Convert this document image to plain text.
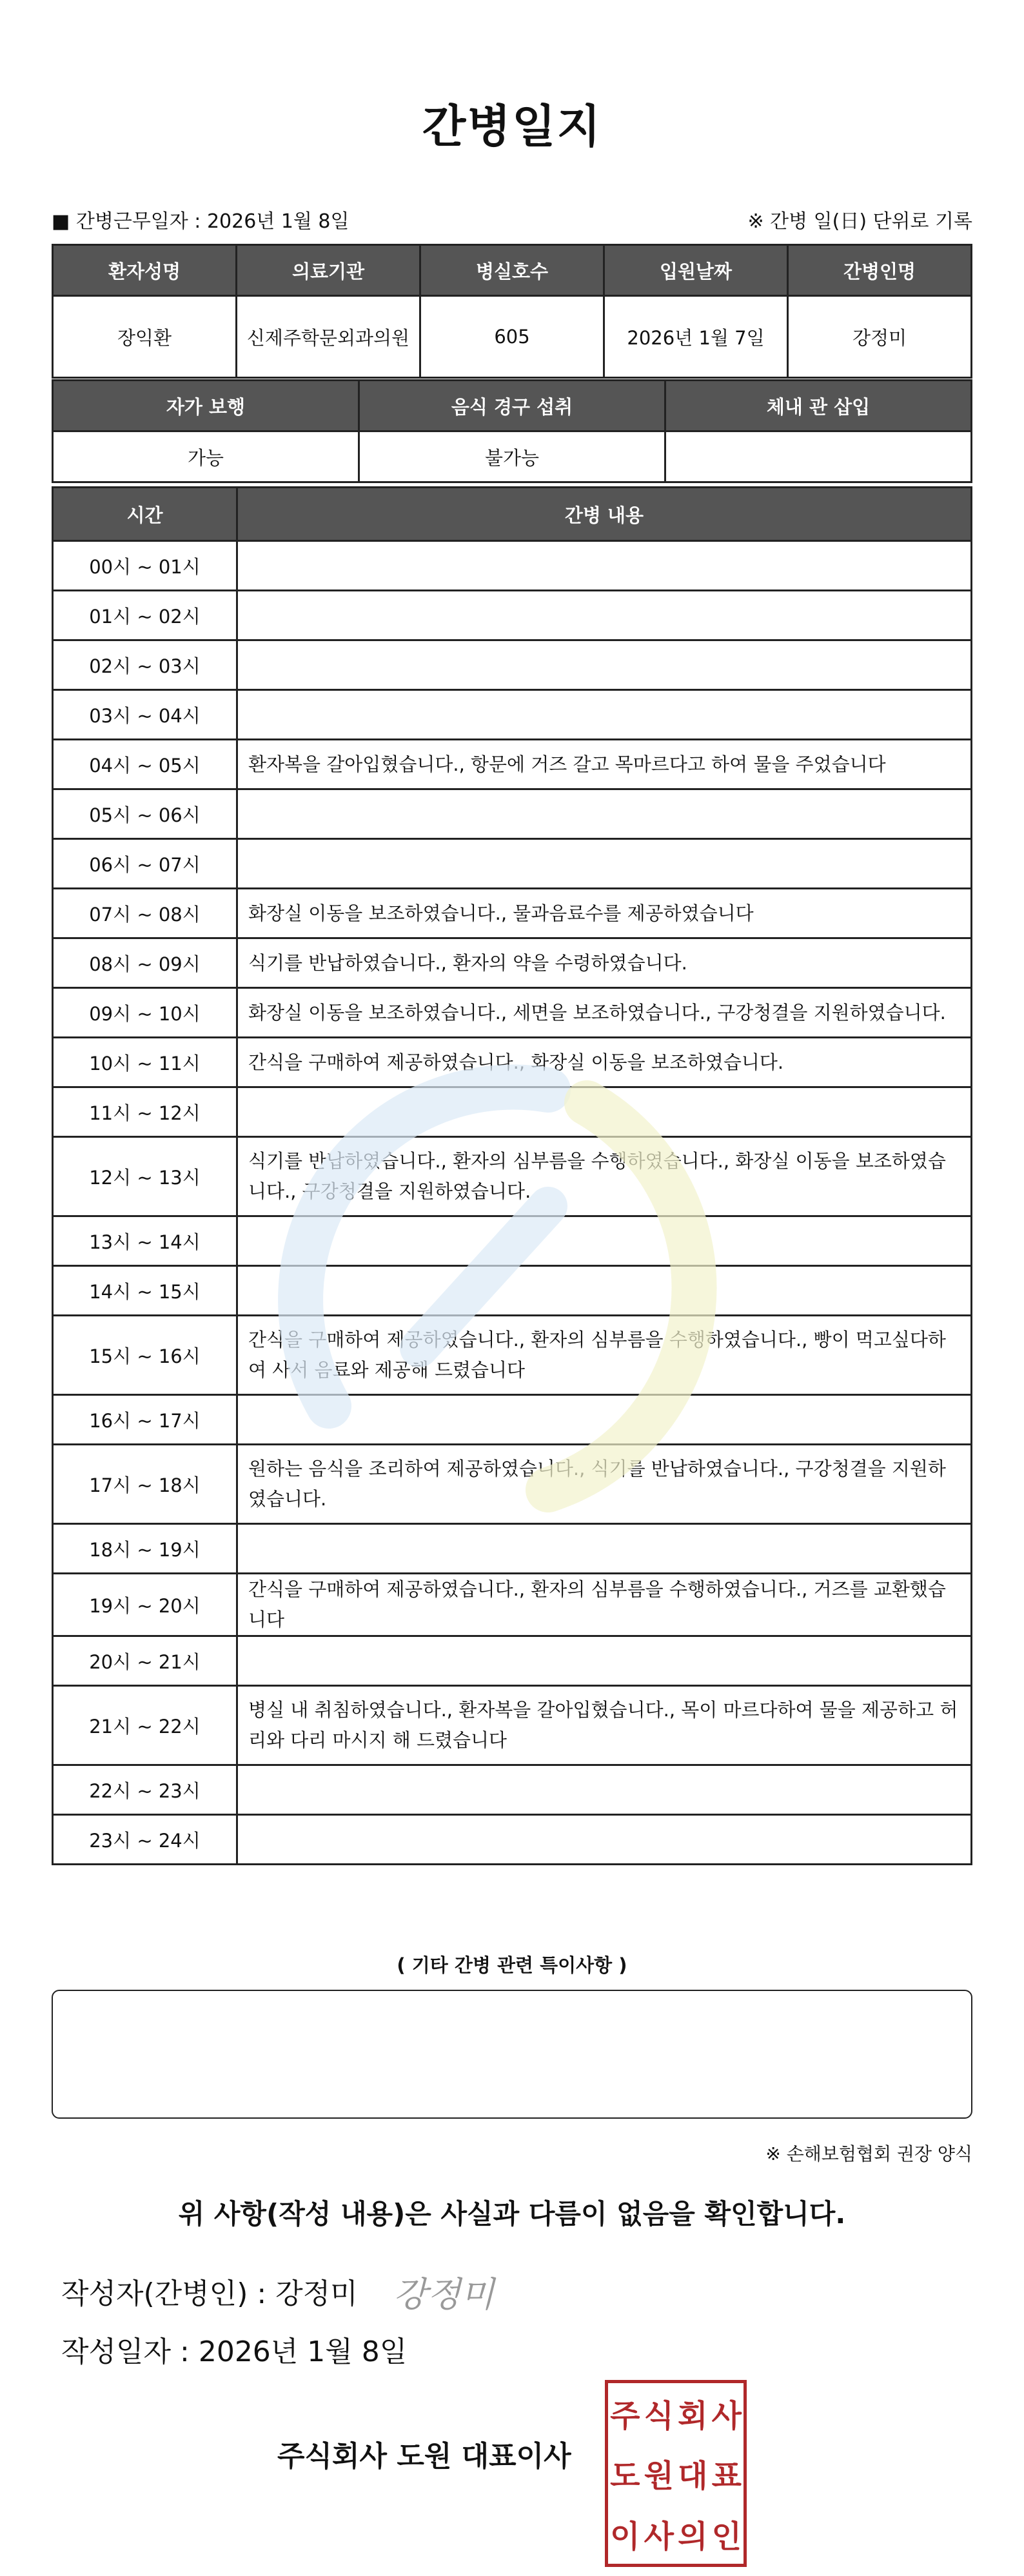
간병일지
■ 간병근무일자 : 2026년 1월 8일	※ 간병 일(日) 단위로 기록
환자성명	의료기관	병실호수	입원날짜	간병인명
장익환	신제주학문외과의원	605	2026년 1월 7일	강정미
자가 보행	음식 경구 섭취	체내 관 삽입
가능	불가능	
시간	간병 내용
00시 ~ 01시	
01시 ~ 02시	
02시 ~ 03시	
03시 ~ 04시	
04시 ~ 05시	환자복을 갈아입혔습니다., 항문에 거즈 갈고 목마르다고 하여 물을 주었습니다
05시 ~ 06시	
06시 ~ 07시	
07시 ~ 08시	화장실 이동을 보조하였습니다., 물과음료수를 제공하였습니다
08시 ~ 09시	식기를 반납하였습니다., 환자의 약을 수령하였습니다.
09시 ~ 10시	화장실 이동을 보조하였습니다., 세면을 보조하였습니다., 구강청결을 지원하였습니다.
10시 ~ 11시	간식을 구매하여 제공하였습니다., 화장실 이동을 보조하였습니다.
11시 ~ 12시	
12시 ~ 13시	식기를 반납하였습니다., 환자의 심부름을 수행하였습니다., 화장실 이동을 보조하였습니다., 구강청결을 지원하였습니다.
13시 ~ 14시	
14시 ~ 15시	
15시 ~ 16시	간식을 구매하여 제공하였습니다., 환자의 심부름을 수행하였습니다., 빵이 먹고싶다하여 사서 음료와 제공해 드렸습니다
16시 ~ 17시	
17시 ~ 18시	원하는 음식을 조리하여 제공하였습니다., 식기를 반납하였습니다., 구강청결을 지원하였습니다.
18시 ~ 19시	
19시 ~ 20시	간식을 구매하여 제공하였습니다., 환자의 심부름을 수행하였습니다., 거즈를 교환했습니다
20시 ~ 21시	
21시 ~ 22시	병실 내 취침하였습니다., 환자복을 갈아입혔습니다., 목이 마르다하여 물을 제공하고 허리와 다리 마시지 해 드렸습니다
22시 ~ 23시	
23시 ~ 24시	
( 기타 간병 관련 특이사항 )
※ 손해보험협회 권장 양식
위 사항(작성 내용)은 사실과 다름이 없음을 확인합니다.
작성자(간병인) : 강정미 강정미
작성일자 : 2026년 1월 8일
주식회사 도원 대표이사
주 식 회 사
도 원 대 표
이 사 의 인
